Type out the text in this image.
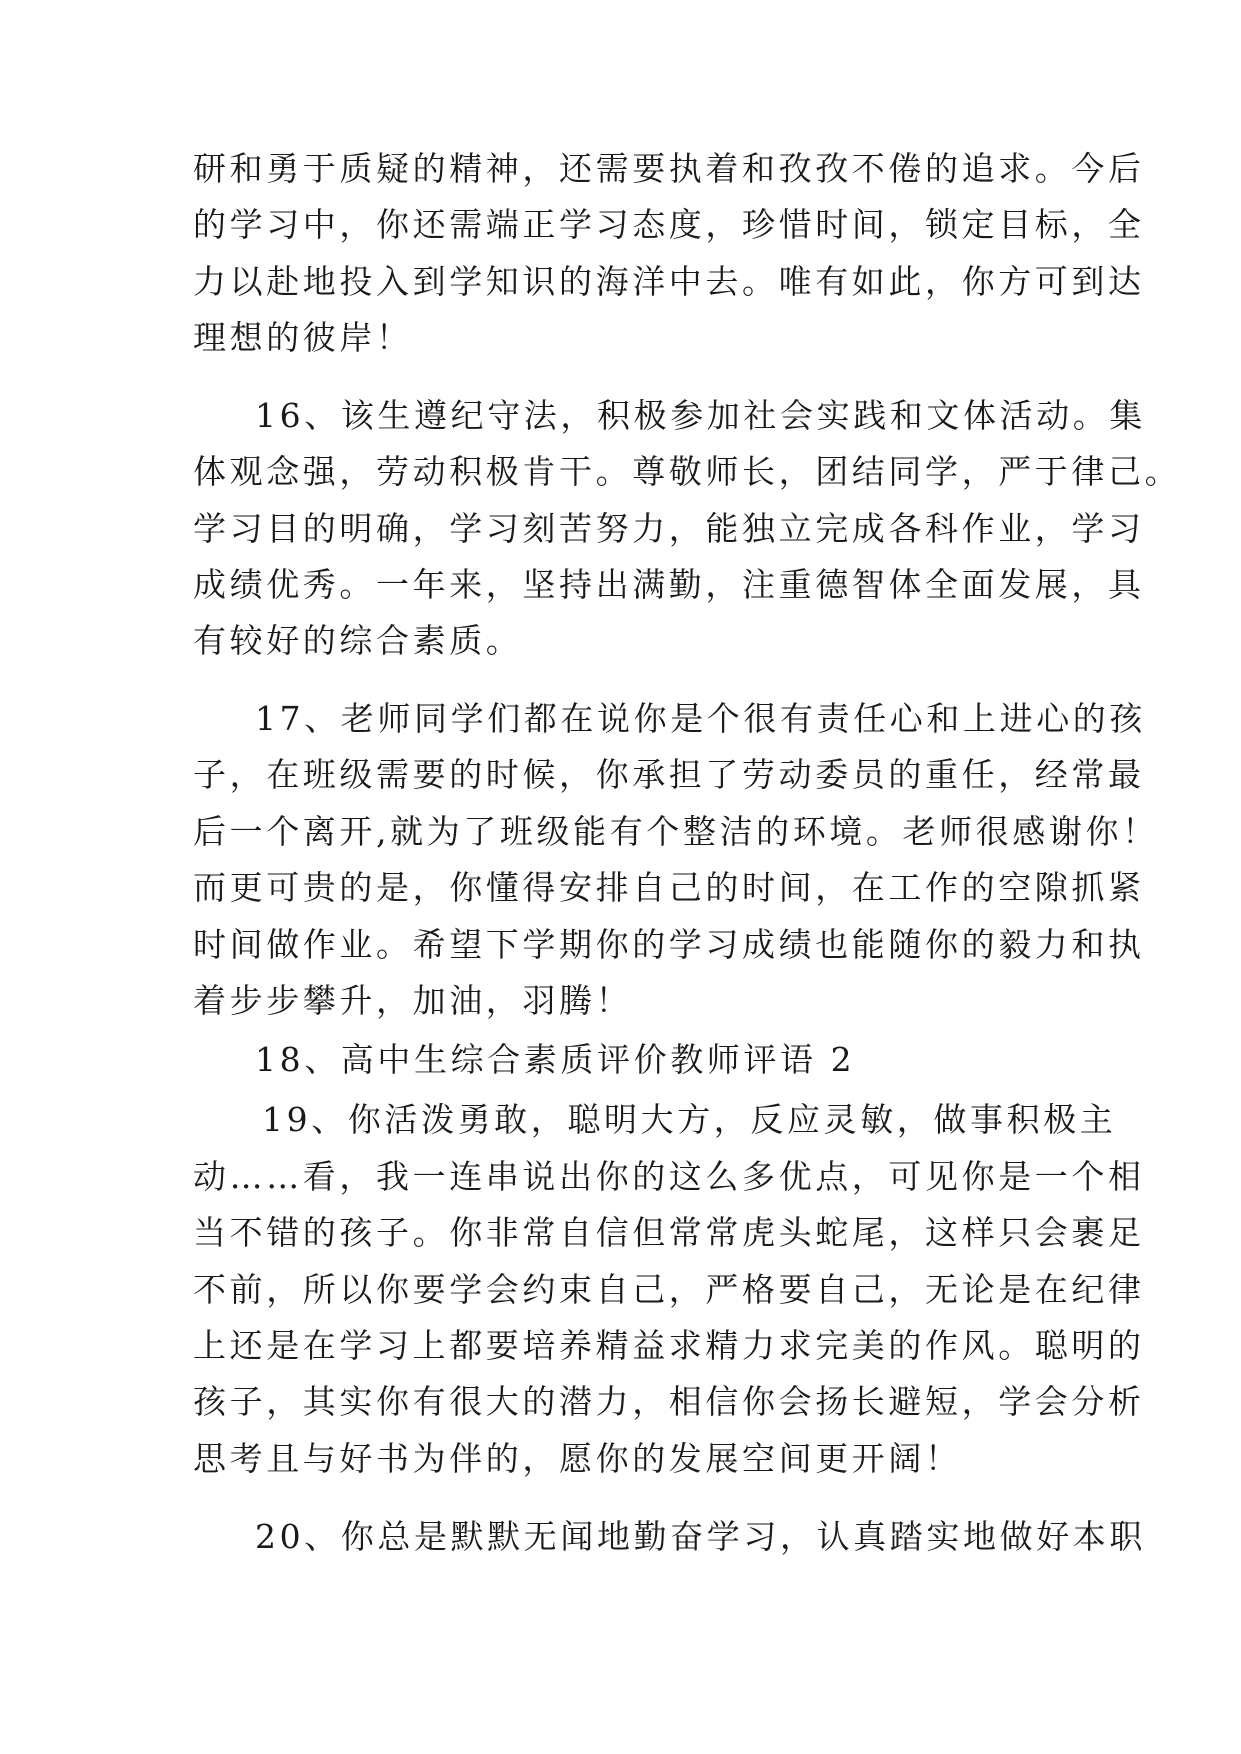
研和勇于质疑的精神，还需要执着和孜孜不倦的追求。今后
的学习中，你还需端正学习态度，珍惜时间，锁定目标，全
力以赴地投入到学知识的海洋中去。唯有如此，你方可到达
理想的彼岸！
16、该生遵纪守法，积极参加社会实践和文体活动。集
体观念强，劳动积极肯干。尊敬师长，团结同学，严于律己。
学习目的明确，学习刻苦努力，能独立完成各科作业，学习
成绩优秀。一年来，坚持出满勤，注重德智体全面发展，具
有较好的综合素质。
17、老师同学们都在说你是个很有责任心和上进心的孩
子，在班级需要的时候，你承担了劳动委员的重任，经常最
后一个离开,就为了班级能有个整洁的环境。老师很感谢你！
而更可贵的是，你懂得安排自己的时间，在工作的空隙抓紧
时间做作业。希望下学期你的学习成绩也能随你的毅力和执
着步步攀升，加油，羽腾！
18、高中生综合素质评价教师评语 2
19、你活泼勇敢，聪明大方，反应灵敏，做事积极主
动……看，我一连串说出你的这么多优点，可见你是一个相
当不错的孩子。你非常自信但常常虎头蛇尾，这样只会裹足
不前，所以你要学会约束自己，严格要自己，无论是在纪律
上还是在学习上都要培养精益求精力求完美的作风。聪明的
孩子，其实你有很大的潜力，相信你会扬长避短，学会分析
思考且与好书为伴的，愿你的发展空间更开阔！
20、你总是默默无闻地勤奋学习，认真踏实地做好本职
